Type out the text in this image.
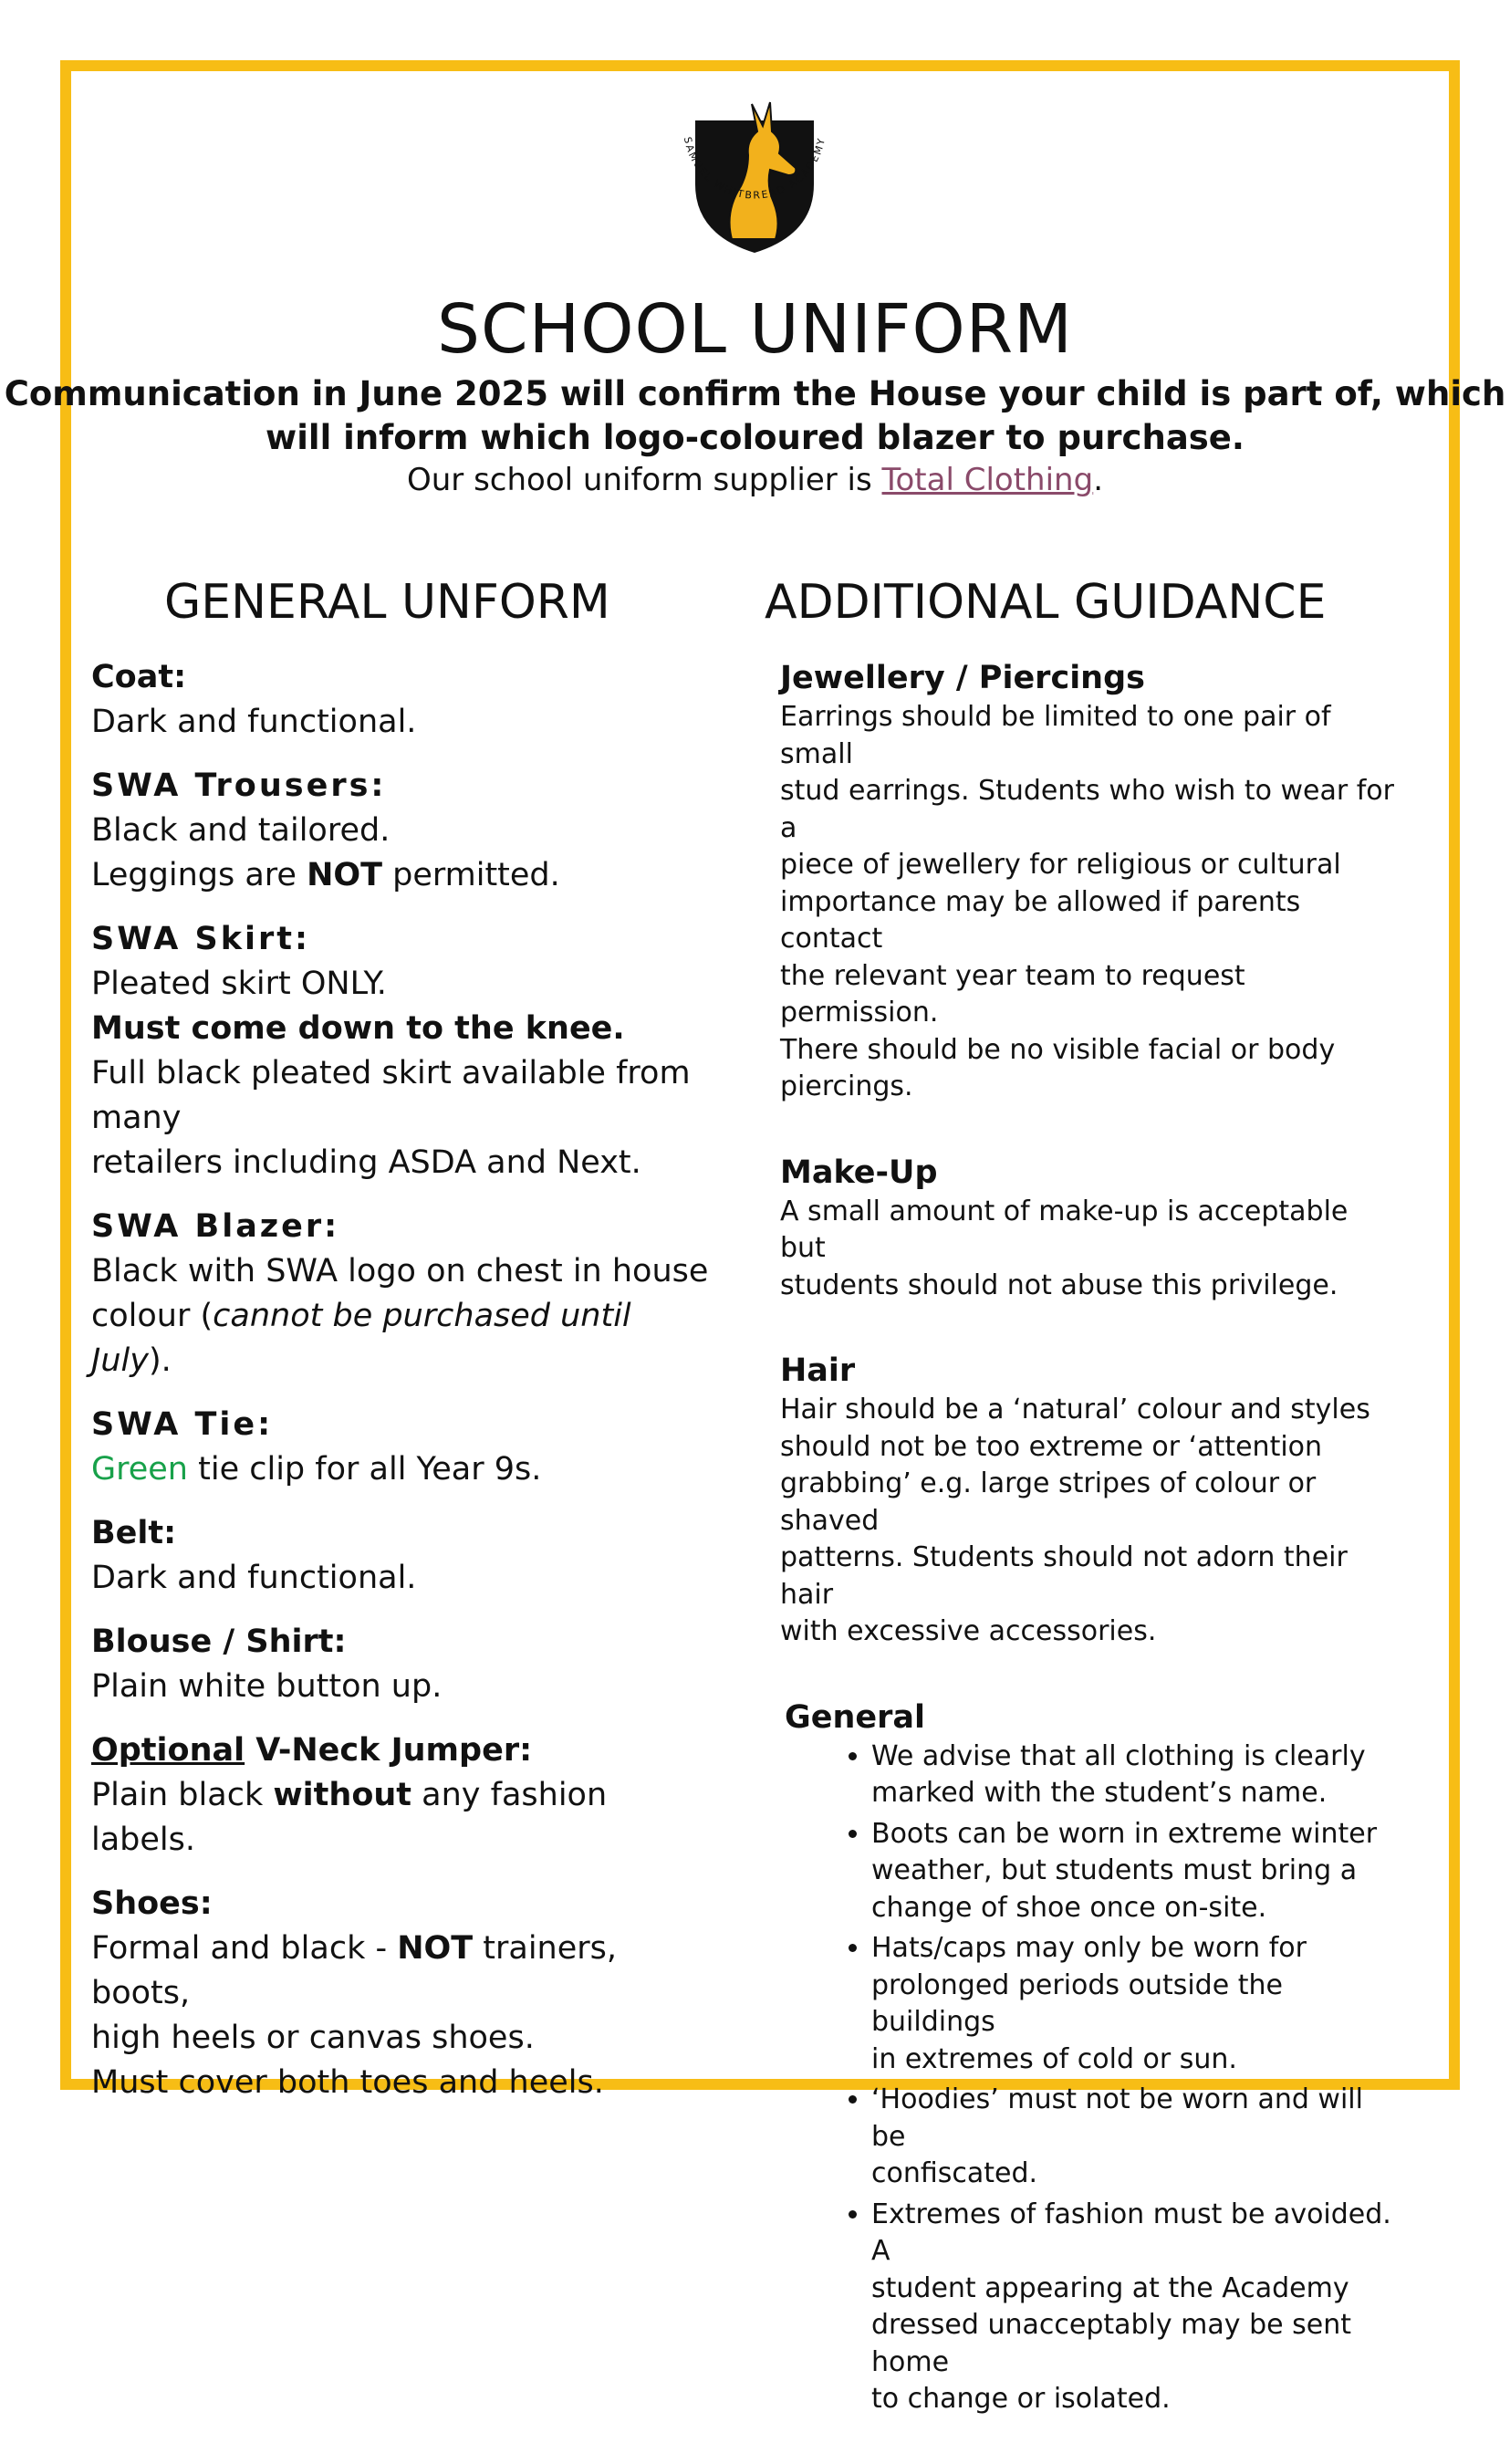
SAMUEL WHITBREAD ACADEMY
SCHOOL UNIFORM
Communication in June 2025 will confirm the House your child is part of, which
will inform which logo-coloured blazer to purchase.
Our school uniform supplier is Total Clothing.
GENERAL UNFORM	ADDITIONAL GUIDANCE
Coat:
Dark and functional.
SWA Trousers:
Black and tailored.
Leggings are NOT permitted.
SWA Skirt:
Pleated skirt ONLY.
Must come down to the knee.
Full black pleated skirt available from many
retailers including ASDA and Next.
SWA Blazer:
Black with SWA logo on chest in house
colour (cannot be purchased until July).
SWA Tie:
Green tie clip for all Year 9s.
Belt:
Dark and functional.
Blouse / Shirt:
Plain white button up.
Optional V-Neck Jumper:
Plain black without any fashion labels.
Shoes:
Formal and black - NOT trainers, boots,
high heels or canvas shoes.
Must cover both toes and heels.
Jewellery / Piercings
Earrings should be limited to one pair of small
stud earrings. Students who wish to wear for a
piece of jewellery for religious or cultural
importance may be allowed if parents contact
the relevant year team to request permission.
There should be no visible facial or body
piercings.
Make-Up
A small amount of make-up is acceptable but
students should not abuse this privilege.
Hair
Hair should be a ‘natural’ colour and styles
should not be too extreme or ‘attention
grabbing’ e.g. large stripes of colour or shaved
patterns. Students should not adorn their hair
with excessive accessories.
General
• We advise that all clothing is clearly
marked with the student’s name.
• Boots can be worn in extreme winter
weather, but students must bring a
change of shoe once on-site.
• Hats/caps may only be worn for
prolonged periods outside the buildings
in extremes of cold or sun.
• ‘Hoodies’ must not be worn and will be
confiscated.
• Extremes of fashion must be avoided. A
student appearing at the Academy
dressed unacceptably may be sent home
to change or isolated.
